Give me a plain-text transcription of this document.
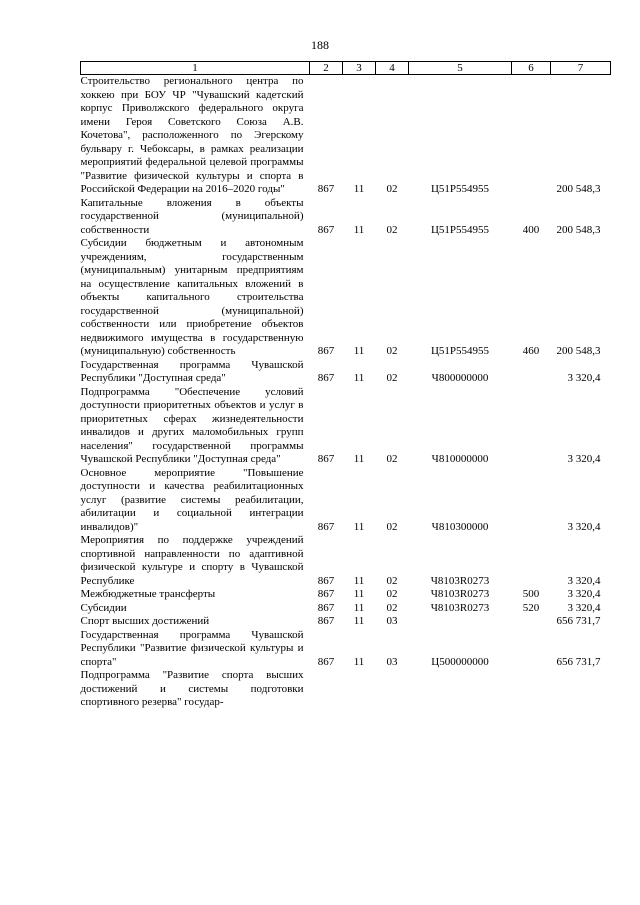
188
1	2	3	4	5	6	7
Строительство регионального центра по хоккею при БОУ ЧР "Чувашский кадетский корпус Приволжского федерального округа имени Героя Советского Союза А.В. Кочетова", расположенного по Эгерскому бульвару г. Чебоксары, в рамках реализации мероприятий федеральной целевой программы "Развитие физической культуры и спорта в Российской Федерации на 2016–2020 годы"	867	11	02	Ц51Р554955		200 548,3
Капитальные вложения в объекты государственной (муниципальной) собственности	867	11	02	Ц51Р554955	400	200 548,3
Субсидии бюджетным и автономным учреждениям, государственным (муниципальным) унитарным предприятиям на осуществление капитальных вложений в объекты капитального строительства государственной (муниципальной) собственности или приобретение объектов недвижимого имущества в государственную (муниципальную) собственность	867	11	02	Ц51Р554955	460	200 548,3
Государственная программа Чувашской Республики "Доступная среда"	867	11	02	Ч800000000		3 320,4
Подпрограмма "Обеспечение условий доступности приоритетных объектов и услуг в приоритетных сферах жизнедеятельности инвалидов и других маломобильных групп населения" государственной программы Чувашской Республики "Доступная среда"	867	11	02	Ч810000000		3 320,4
Основное мероприятие "Повышение доступности и качества реабилитационных услуг (развитие системы реабилитации, абилитации и социальной интеграции инвалидов)"	867	11	02	Ч810300000		3 320,4
Мероприятия по поддержке учреждений спортивной направленности по адаптивной физической культуре и спорту в Чувашской Республике	867	11	02	Ч8103R0273		3 320,4
Межбюджетные трансферты	867	11	02	Ч8103R0273	500	3 320,4
Субсидии	867	11	02	Ч8103R0273	520	3 320,4
Спорт высших достижений	867	11	03			656 731,7
Государственная программа Чувашской Республики "Развитие физической культуры и спорта"	867	11	03	Ц500000000		656 731,7
Подпрограмма "Развитие спорта высших достижений и системы подготовки спортивного резерва" государ-						
